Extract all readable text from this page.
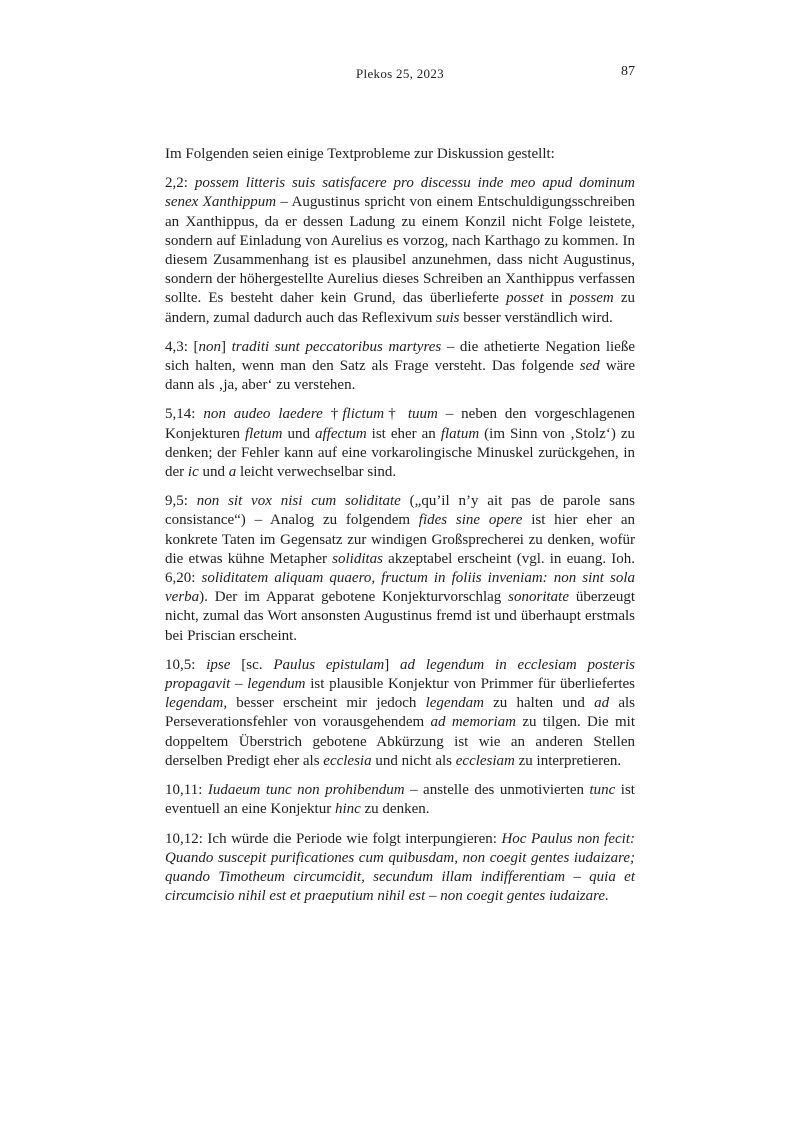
Plekos 25, 2023	87

Im Folgenden seien einige Textprobleme zur Diskussion gestellt:

2,2: possem litteris suis satisfacere pro discessu inde meo apud dominum senex Xanthippum – Augustinus spricht von einem Entschuldigungsschreiben an Xanthippus, da er dessen Ladung zu einem Konzil nicht Folge leistete, sondern auf Einladung von Aurelius es vorzog, nach Karthago zu kommen. In diesem Zusammenhang ist es plausibel anzunehmen, dass nicht Augustinus, sondern der höhergestellte Aurelius dieses Schreiben an Xanthippus verfassen sollte. Es besteht daher kein Grund, das überlieferte posset in possem zu ändern, zumal dadurch auch das Reflexivum suis besser verständlich wird.

4,3: [non] traditi sunt peccatoribus martyres – die athetierte Negation ließe sich halten, wenn man den Satz als Frage versteht. Das folgende sed wäre dann als ‚ja, aber‘ zu verstehen.

5,14: non audeo laedere †flictum† tuum – neben den vorgeschlagenen Konjekturen fletum und affectum ist eher an flatum (im Sinn von ‚Stolz‘) zu denken; der Fehler kann auf eine vorkarolingische Minuskel zurückgehen, in der ic und a leicht verwechselbar sind.

9,5: non sit vox nisi cum soliditate („qu’il n’y ait pas de parole sans consistance“) – Analog zu folgendem fides sine opere ist hier eher an konkrete Taten im Gegensatz zur windigen Großsprecherei zu denken, wofür die etwas kühne Metapher soliditas akzeptabel erscheint (vgl. in euang. Ioh. 6,20: soliditatem aliquam quaero, fructum in foliis inveniam: non sint sola verba). Der im Apparat gebotene Konjekturvorschlag sonoritate überzeugt nicht, zumal das Wort ansonsten Augustinus fremd ist und überhaupt erstmals bei Priscian erscheint.

10,5: ipse [sc. Paulus epistulam] ad legendum in ecclesiam posteris propagavit – legendum ist plausible Konjektur von Primmer für überliefertes legendam, besser erscheint mir jedoch legendam zu halten und ad als Perseverationsfehler von vorausgehendem ad memoriam zu tilgen. Die mit doppeltem Überstrich gebotene Abkürzung ist wie an anderen Stellen derselben Predigt eher als ecclesia und nicht als ecclesiam zu interpretieren.

10,11: Iudaeum tunc non prohibendum – anstelle des unmotivierten tunc ist eventuell an eine Konjektur hinc zu denken.

10,12: Ich würde die Periode wie folgt interpungieren: Hoc Paulus non fecit: Quando suscepit purificationes cum quibusdam, non coegit gentes iudaizare; quando Timotheum circumcidit, secundum illam indifferentiam – quia et circumcisio nihil est et praeputium nihil est – non coegit gentes iudaizare.
